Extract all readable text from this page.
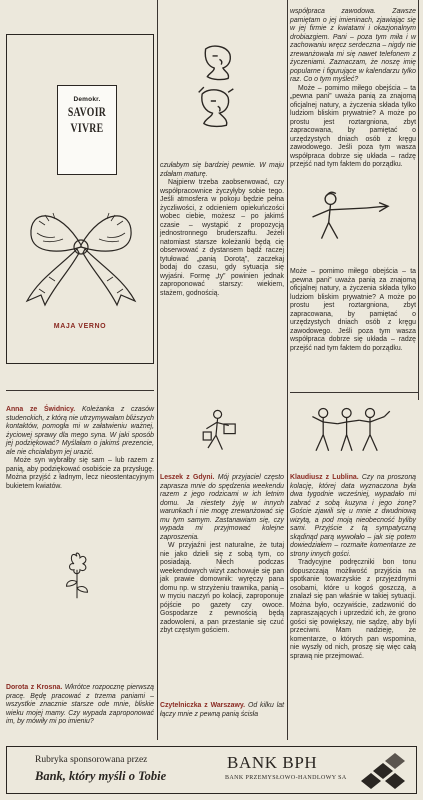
Demokr.
SAVOIR
VIVRE
MAJA VERNO

Anna ze Świdnicy. Koleżanka z czasów studenckich, z którą nie utrzymywałam bliższych kontaktów, pomogła mi w załatwieniu ważnej, życiowej sprawy dla mego syna. W jaki sposób jej podziękować? Myślałam o jakimś prezencie, ale nie chciałabym jej urazić.

Może syn wybrałby się sam – lub razem z panią, aby podziękować osobiście za przysługę. Można przyjść z ładnym, lecz nieostentacyjnym bukietem kwiatów.

Dorota z Krosna. Wkrótce rozpocznę pierwszą pracę. Będę pracować z trzema paniami – wszystkie znacznie starsze ode mnie, bliskie wieku mojej mamy. Czy wypada zaproponować im, by mówiły mi po imieniu?

czułabym się bardziej pewnie. W maju zdałam maturę.

Najpierw trzeba zaobserwować, czy współpracownice życzyłyby sobie tego. Jeśli atmosfera w pokoju będzie pełna życzliwości, z odcieniem opiekuńczości wobec ciebie, możesz – po jakimś czasie – wystąpić z propozycją jednostronnego bruderszaftu. Jeżeli natomiast starsze koleżanki będą cię obserwować z dystansem bądź raczej tytułować „panią Dorotą”, zaczekaj bodaj do czasu, gdy sytuacja się wyjaśni. Formę „ty” powinien jednak zaproponować starszy: wiekiem, stażem, godnością.

Leszek z Gdyni. Mój przyjaciel często zaprasza mnie do spędzenia weekendu razem z jego rodzicami w ich letnim domu. Ja niestety żyję w innych warunkach i nie mogę zrewanżować się mu tym samym. Zastanawiam się, czy wypada mi przyjmować kolejne zaproszenia.

W przyjaźni jest naturalne, że tutaj nie jako dzieli się z sobą tym, co posiadają. Niech podczas weekendowych wizyt zachowuje się pan jak prawie domownik: wyręczy pana domu np. w strzyżeniu trawnika, panią – w myciu naczyń po kolacji, zaproponuje pójście po gazety czy owoce. Gospodarze z pewnością będą zadowoleni, a pan przestanie się czuć zbyt częstym gościem.

Czytelniczka z Warszawy. Od kilku lat łączy mnie z pewną panią ścisła

współpraca zawodowa. Zawsze pamiętam o jej imieninach, zjawiając się w jej firmie z kwiatami i okazjonalnym drobiazgiem. Pani – poza tym miła i w zachowaniu wręcz serdeczna – nigdy nie zrewanżowała mi się nawet telefonem z życzeniami. Zaznaczam, że noszę imię popularne i figurujące w kalendarzu tylko raz. Co o tym myśleć?

Może – pomimo miłego obejścia – ta „pewna pani” uważa panią za znajomą oficjalnej natury, a życzenia składa tylko ludziom bliskim prywatnie? A może po prostu jest roztargniona, zbyt zapracowana, by pamiętać o urzędzystych dniach osób z kręgu zawodowego. Jeśli poza tym wasza współpraca dobrze się układa – radzę przejść nad tym faktem do porządku.

Może – pomimo miłego obejścia – ta „pewna pani” uważa panią za znajomą oficjalnej natury, a życzenia składa tylko ludziom bliskim prywatnie? A może po prostu jest roztargniona, zbyt zapracowana, by pamiętać o urzędzystych dniach osób z kręgu zawodowego. Jeśli poza tym wasza współpraca dobrze się układa – radzę przejść nad tym faktem do porządku.

Klaudiusz z Lublina. Czy na proszoną kolację, której data wyznaczona była dwa tygodnie wcześniej, wypadało mi zabrać z sobą kuzyna i jego żonę? Goście zjawili się u mnie z dwudniową wizytą, a pod moją nieobecność byliby sami. Przyjście z tą sympatyczną skądinąd parą wywołało – jak się potem dowiedziałem – rozmaite komentarze ze strony innych gości.

Tradycyjne podręczniki bon tonu dopuszczają możliwość przyjścia na spotkanie towarzyskie z przyjezdnymi osobami, które u kogoś goszczą, a znalazł się pan właśnie w takiej sytuacji. Można było, oczywiście, zadzwonić do zapraszających i uprzedzić ich, że grono gości się powiększy, nie sądzę, aby byli przeciwni. Mam nadzieję, że komentarze, o których pan wspomina, nie wyszły od nich, proszę się więc całą sprawą nie przejmować.

Rubryka sponsorowana przez
Bank, który myśli o Tobie
BANK BPH
BANK PRZEMYSŁOWO-HANDLOWY SA
